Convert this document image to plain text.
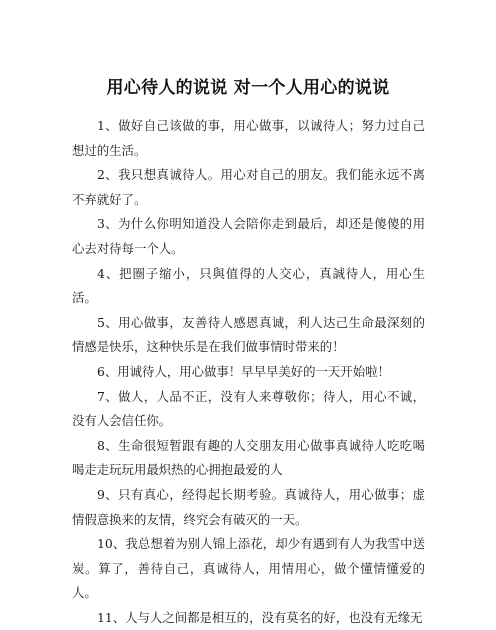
用心待人的说说 对一个人用心的说说

1、做好自己该做的事，用心做事，以诚待人；努力过自己想过的生活。

2、我只想真诚待人。用心对自己的朋友。我们能永远不离不弃就好了。

3、为什么你明知道没人会陪你走到最后，却还是傻傻的用心去对待每一个人。

4、把圈子缩小，只與值得的人交心，真誠待人，用心生活。

5、用心做事，友善待人感恩真诚，利人达己生命最深刻的情感是快乐，这种快乐是在我们做事情时带来的！

6、用诚待人，用心做事！早早早美好的一天开始啦！

7、做人，人品不正，没有人来尊敬你；待人，用心不诚，没有人会信任你。

8、生命很短暂跟有趣的人交朋友用心做事真诚待人吃吃喝喝走走玩玩用最炽热的心拥抱最爱的人

9、只有真心，经得起长期考验。真诚待人，用心做事；虚情假意换来的友情，终究会有破灭的一天。

10、我总想着为别人锦上添花，却少有遇到有人为我雪中送炭。算了，善待自己，真诚待人，用情用心，做个懂情懂爱的人。

11、人与人之间都是相互的，没有莫名的好，也没有无缘无
